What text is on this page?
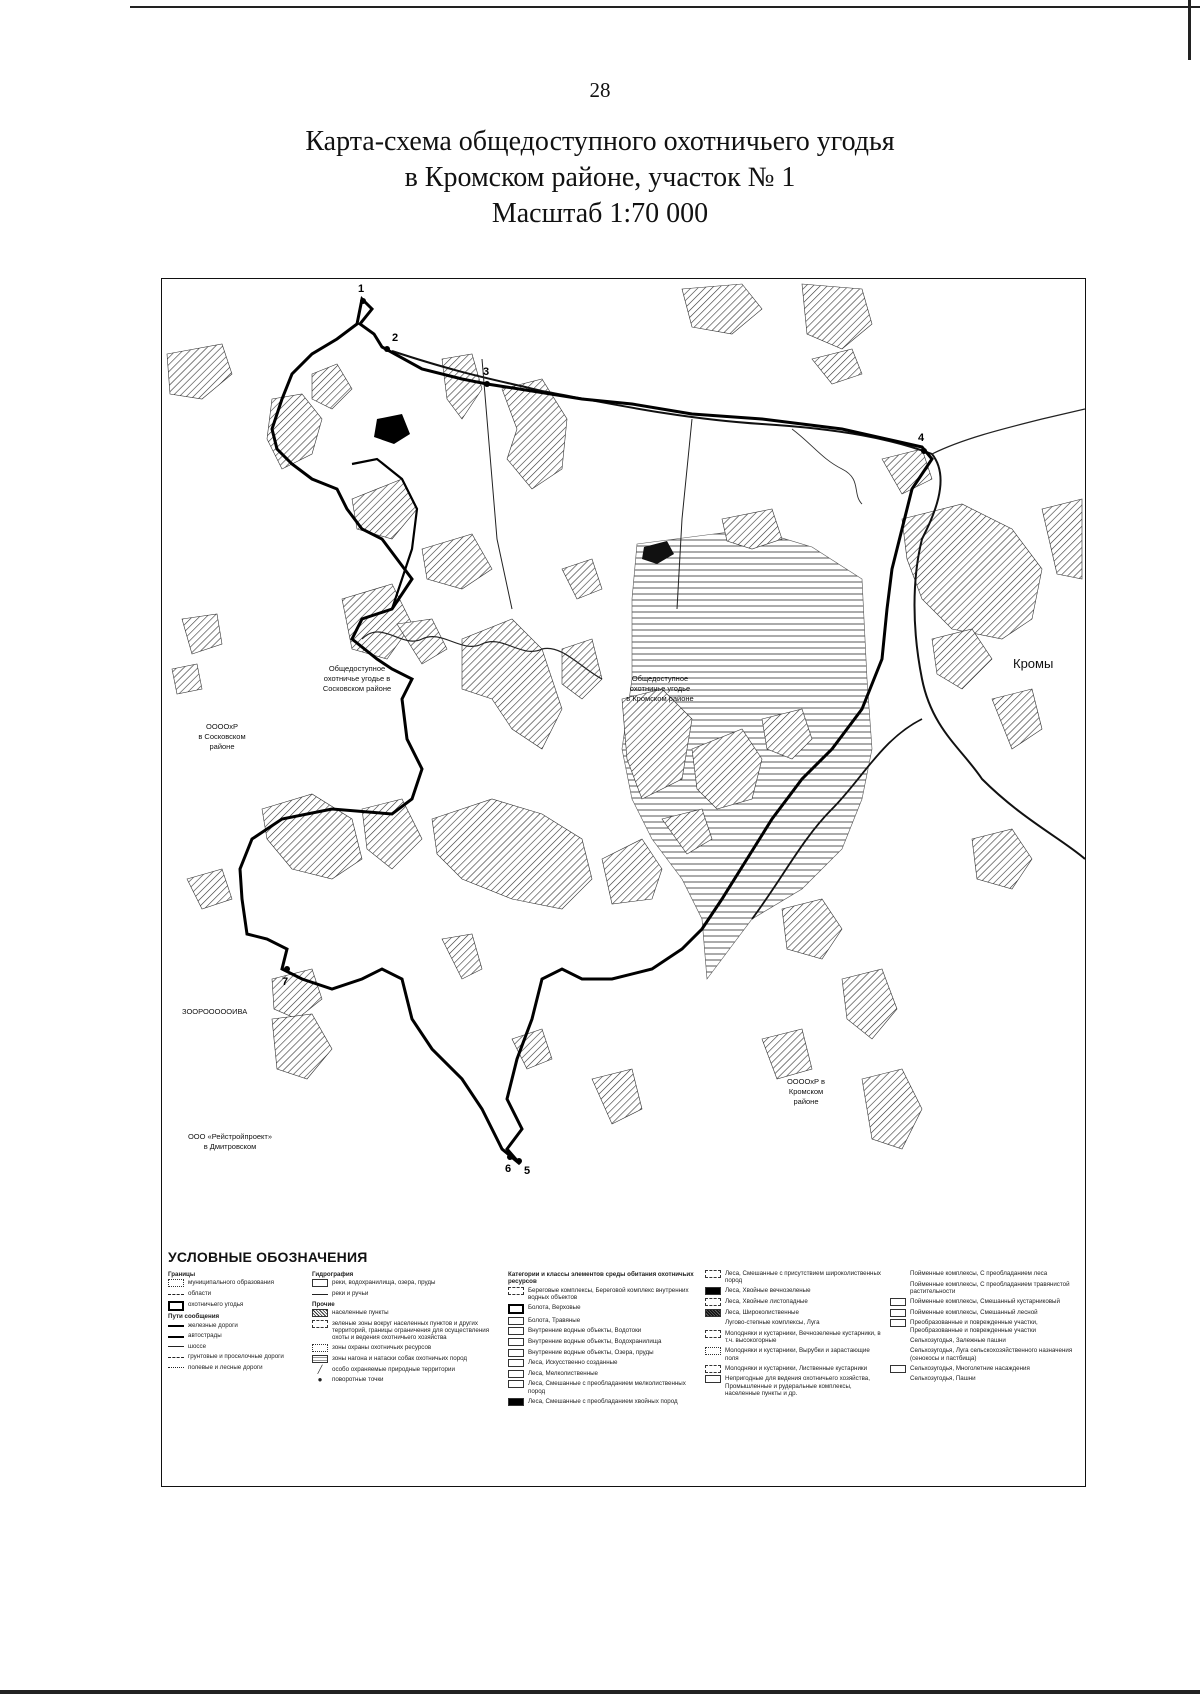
28
Карта-схема общедоступного охотничьего угодья
в Кромском районе, участок № 1
Масштаб 1:70 000
1
2
3
4
5
6
7
Общедоступное
охотничье угодье
в Кромском районе
Общедоступное
охотничье угодье в
Сосковском районе
ООООхР
в Сосковском
районе
ООООхР в
Кромском
районе
ООО «Рейстройпроект»
в Дмитровском
ЗООРОООООИВА
Кромы
УСЛОВНЫЕ ОБОЗНАЧЕНИЯ
Границы
муниципального образования
области
охотничьего угодья
Пути сообщения
железные дороги
автострады
шоссе
грунтовые и проселочные дороги
полевые и лесные дороги
Гидрография
реки, водохранилища, озера, пруды
реки и ручьи
Прочие
населенные пункты
зеленые зоны вокруг населенных пунктов и других территорий, границы ограничения для осуществления охоты и ведения охотничьего хозяйства
зоны охраны охотничьих ресурсов
зоны нагона и натаски собак охотничьих пород
╱	особо охраняемые природные территории
●	поворотные точки
Категории и классы элементов среды обитания охотничьих ресурсов
Береговые комплексы, Береговой комплекс внутренних водных объектов
Болота, Верховые
Болота, Травяные
Внутренние водные объекты, Водотоки
Внутренние водные объекты, Водохранилища
Внутренние водные объекты, Озера, пруды
Леса, Искусственно созданные
Леса, Мелколиственные
Леса, Смешанные с преобладанием мелколиственных пород
Леса, Смешанные с преобладанием хвойных пород
Леса, Смешанные с присутствием широколиственных пород
Леса, Хвойные вечнозеленые
Леса, Хвойные листопадные
Леса, Широколиственные
Лугово-степные комплексы, Луга
Молодняки и кустарники, Вечнозеленые кустарники, в т.ч. высокогорные
Молодняки и кустарники, Вырубки и зарастающие поля
Молодняки и кустарники, Лиственные кустарники
Непригодные для ведения охотничьего хозяйства, Промышленные и рудеральные комплексы, населенные пункты и др.
Пойменные комплексы, С преобладанием леса
Пойменные комплексы, С преобладанием травянистой растительности
Пойменные комплексы, Смешанный кустарниковый
Пойменные комплексы, Смешанный лесной
Преобразованные и поврежденные участки, Преобразованные и поврежденные участки
Сельхозугодья, Залежные пашни
Сельхозугодья, Луга сельскохозяйственного назначения (сенокосы и пастбища)
Сельхозугодья, Многолетние насаждения
Сельхозугодья, Пашни
